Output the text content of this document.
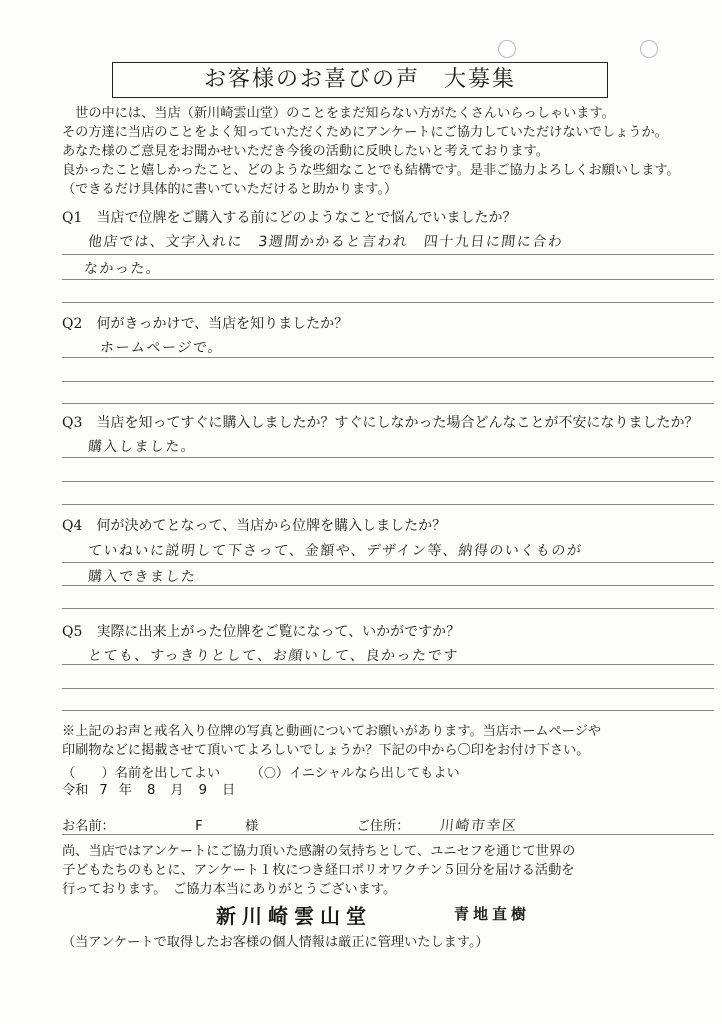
お客様のお喜びの声　大募集

　世の中には、当店（新川崎雲山堂）のことをまだ知らない方がたくさんいらっしゃいます。

その方達に当店のことをよく知っていただくためにアンケートにご協力していただけないでしょうか。

あなた様のご意見をお聞かせいただき今後の活動に反映したいと考えております。

良かったこと嬉しかったこと、どのような些細なことでも結構です。是非ご協力よろしくお願いします。

（できるだけ具体的に書いていただけると助かります。）

Q1 当店で位牌をご購入する前にどのようなことで悩んでいましたか？
他店では、文字入れに　3週間かかると言われ　四十九日に間に合わ
なかった。
Q2 何がきっかけで、当店を知りましたか？
ホームページで。
Q3 当店を知ってすぐに購入しましたか？すぐにしなかった場合どんなことが不安になりましたか？
購入しました。
Q4 何が決めてとなって、当店から位牌を購入しましたか？
ていねいに説明して下さって、金額や、デザイン等、納得のいくものが
購入できました
Q5 実際に出来上がった位牌をご覧になって、いかがですか？
とても、すっきりとして、お顔いして、良かったです

※上記のお声と戒名入り位牌の写真と動画についてお願いがあります。当店ホームページや

印刷物などに掲載させて頂いてよろしいでしょうか？下記の中から〇印をお付け下さい。

（　　）名前を出してよい （〇）イニシャルなら出してもよい
令和 7 年 8 月 9 日
お名前：	F	様	ご住所： 川崎市幸区

尚、当店ではアンケートにご協力頂いた感謝の気持ちとして、ユニセフを通じて世界の

子どもたちのもとに、アンケート１枚につき経口ポリオワクチン５回分を届ける活動を

行っております。　ご協力本当にありがとうございます。

新川崎雲山堂	青地直樹
（当アンケートで取得したお客様の個人情報は厳正に管理いたします。）
